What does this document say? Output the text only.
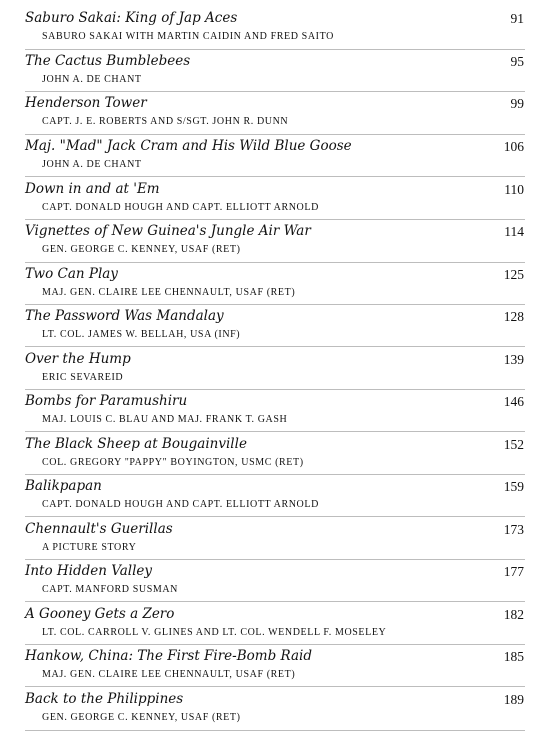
Saburo Sakai: King of Jap Aces	91
SABURO SAKAI WITH MARTIN CAIDIN AND FRED SAITO
The Cactus Bumblebees	95
JOHN A. DE CHANT
Henderson Tower	99
CAPT. J. E. ROBERTS AND S/SGT. JOHN R. DUNN
Maj. "Mad" Jack Cram and His Wild Blue Goose	106
JOHN A. DE CHANT
Down in and at 'Em	110
CAPT. DONALD HOUGH AND CAPT. ELLIOTT ARNOLD
Vignettes of New Guinea's Jungle Air War	114
GEN. GEORGE C. KENNEY, USAF (RET)
Two Can Play	125
MAJ. GEN. CLAIRE LEE CHENNAULT, USAF (RET)
The Password Was Mandalay	128
LT. COL. JAMES W. BELLAH, USA (INF)
Over the Hump	139
ERIC SEVAREID
Bombs for Paramushiru	146
MAJ. LOUIS C. BLAU AND MAJ. FRANK T. GASH
The Black Sheep at Bougainville	152
COL. GREGORY "PAPPY" BOYINGTON, USMC (RET)
Balikpapan	159
CAPT. DONALD HOUGH AND CAPT. ELLIOTT ARNOLD
Chennault's Guerillas	173
A PICTURE STORY
Into Hidden Valley	177
CAPT. MANFORD SUSMAN
A Gooney Gets a Zero	182
LT. COL. CARROLL V. GLINES AND LT. COL. WENDELL F. MOSELEY
Hankow, China: The First Fire-Bomb Raid	185
MAJ. GEN. CLAIRE LEE CHENNAULT, USAF (RET)
Back to the Philippines	189
GEN. GEORGE C. KENNEY, USAF (RET)
